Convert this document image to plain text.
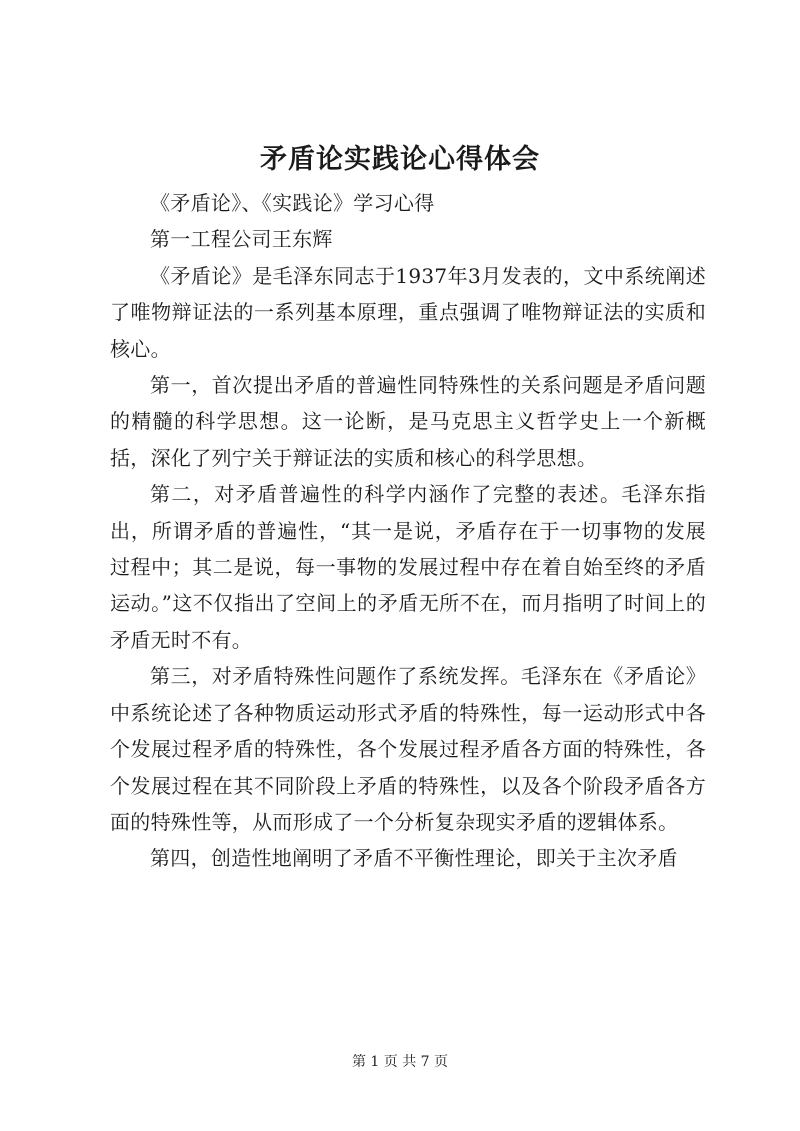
矛盾论实践论心得体会

《矛盾论》、《实践论》学习心得

第一工程公司王东辉

《矛盾论》是毛泽东同志于1937年3月发表的，文中系统阐述了唯物辩证法的一系列基本原理，重点强调了唯物辩证法的实质和核心。

第一，首次提出矛盾的普遍性同特殊性的关系问题是矛盾问题的精髓的科学思想。这一论断，是马克思主义哲学史上一个新概括，深化了列宁关于辩证法的实质和核心的科学思想。

第二，对矛盾普遍性的科学内涵作了完整的表述。毛泽东指出，所谓矛盾的普遍性，“其一是说，矛盾存在于一切事物的发展过程中；其二是说，每一事物的发展过程中存在着自始至终的矛盾运动。”这不仅指出了空间上的矛盾无所不在，而月指明了时间上的矛盾无时不有。

第三，对矛盾特殊性问题作了系统发挥。毛泽东在《矛盾论》中系统论述了各种物质运动形式矛盾的特殊性，每一运动形式中各个发展过程矛盾的特殊性，各个发展过程矛盾各方面的特殊性，各个发展过程在其不同阶段上矛盾的特殊性，以及各个阶段矛盾各方面的特殊性等，从而形成了一个分析复杂现实矛盾的逻辑体系。

第四，创造性地阐明了矛盾不平衡性理论，即关于主次矛盾

第 1 页 共 7 页
